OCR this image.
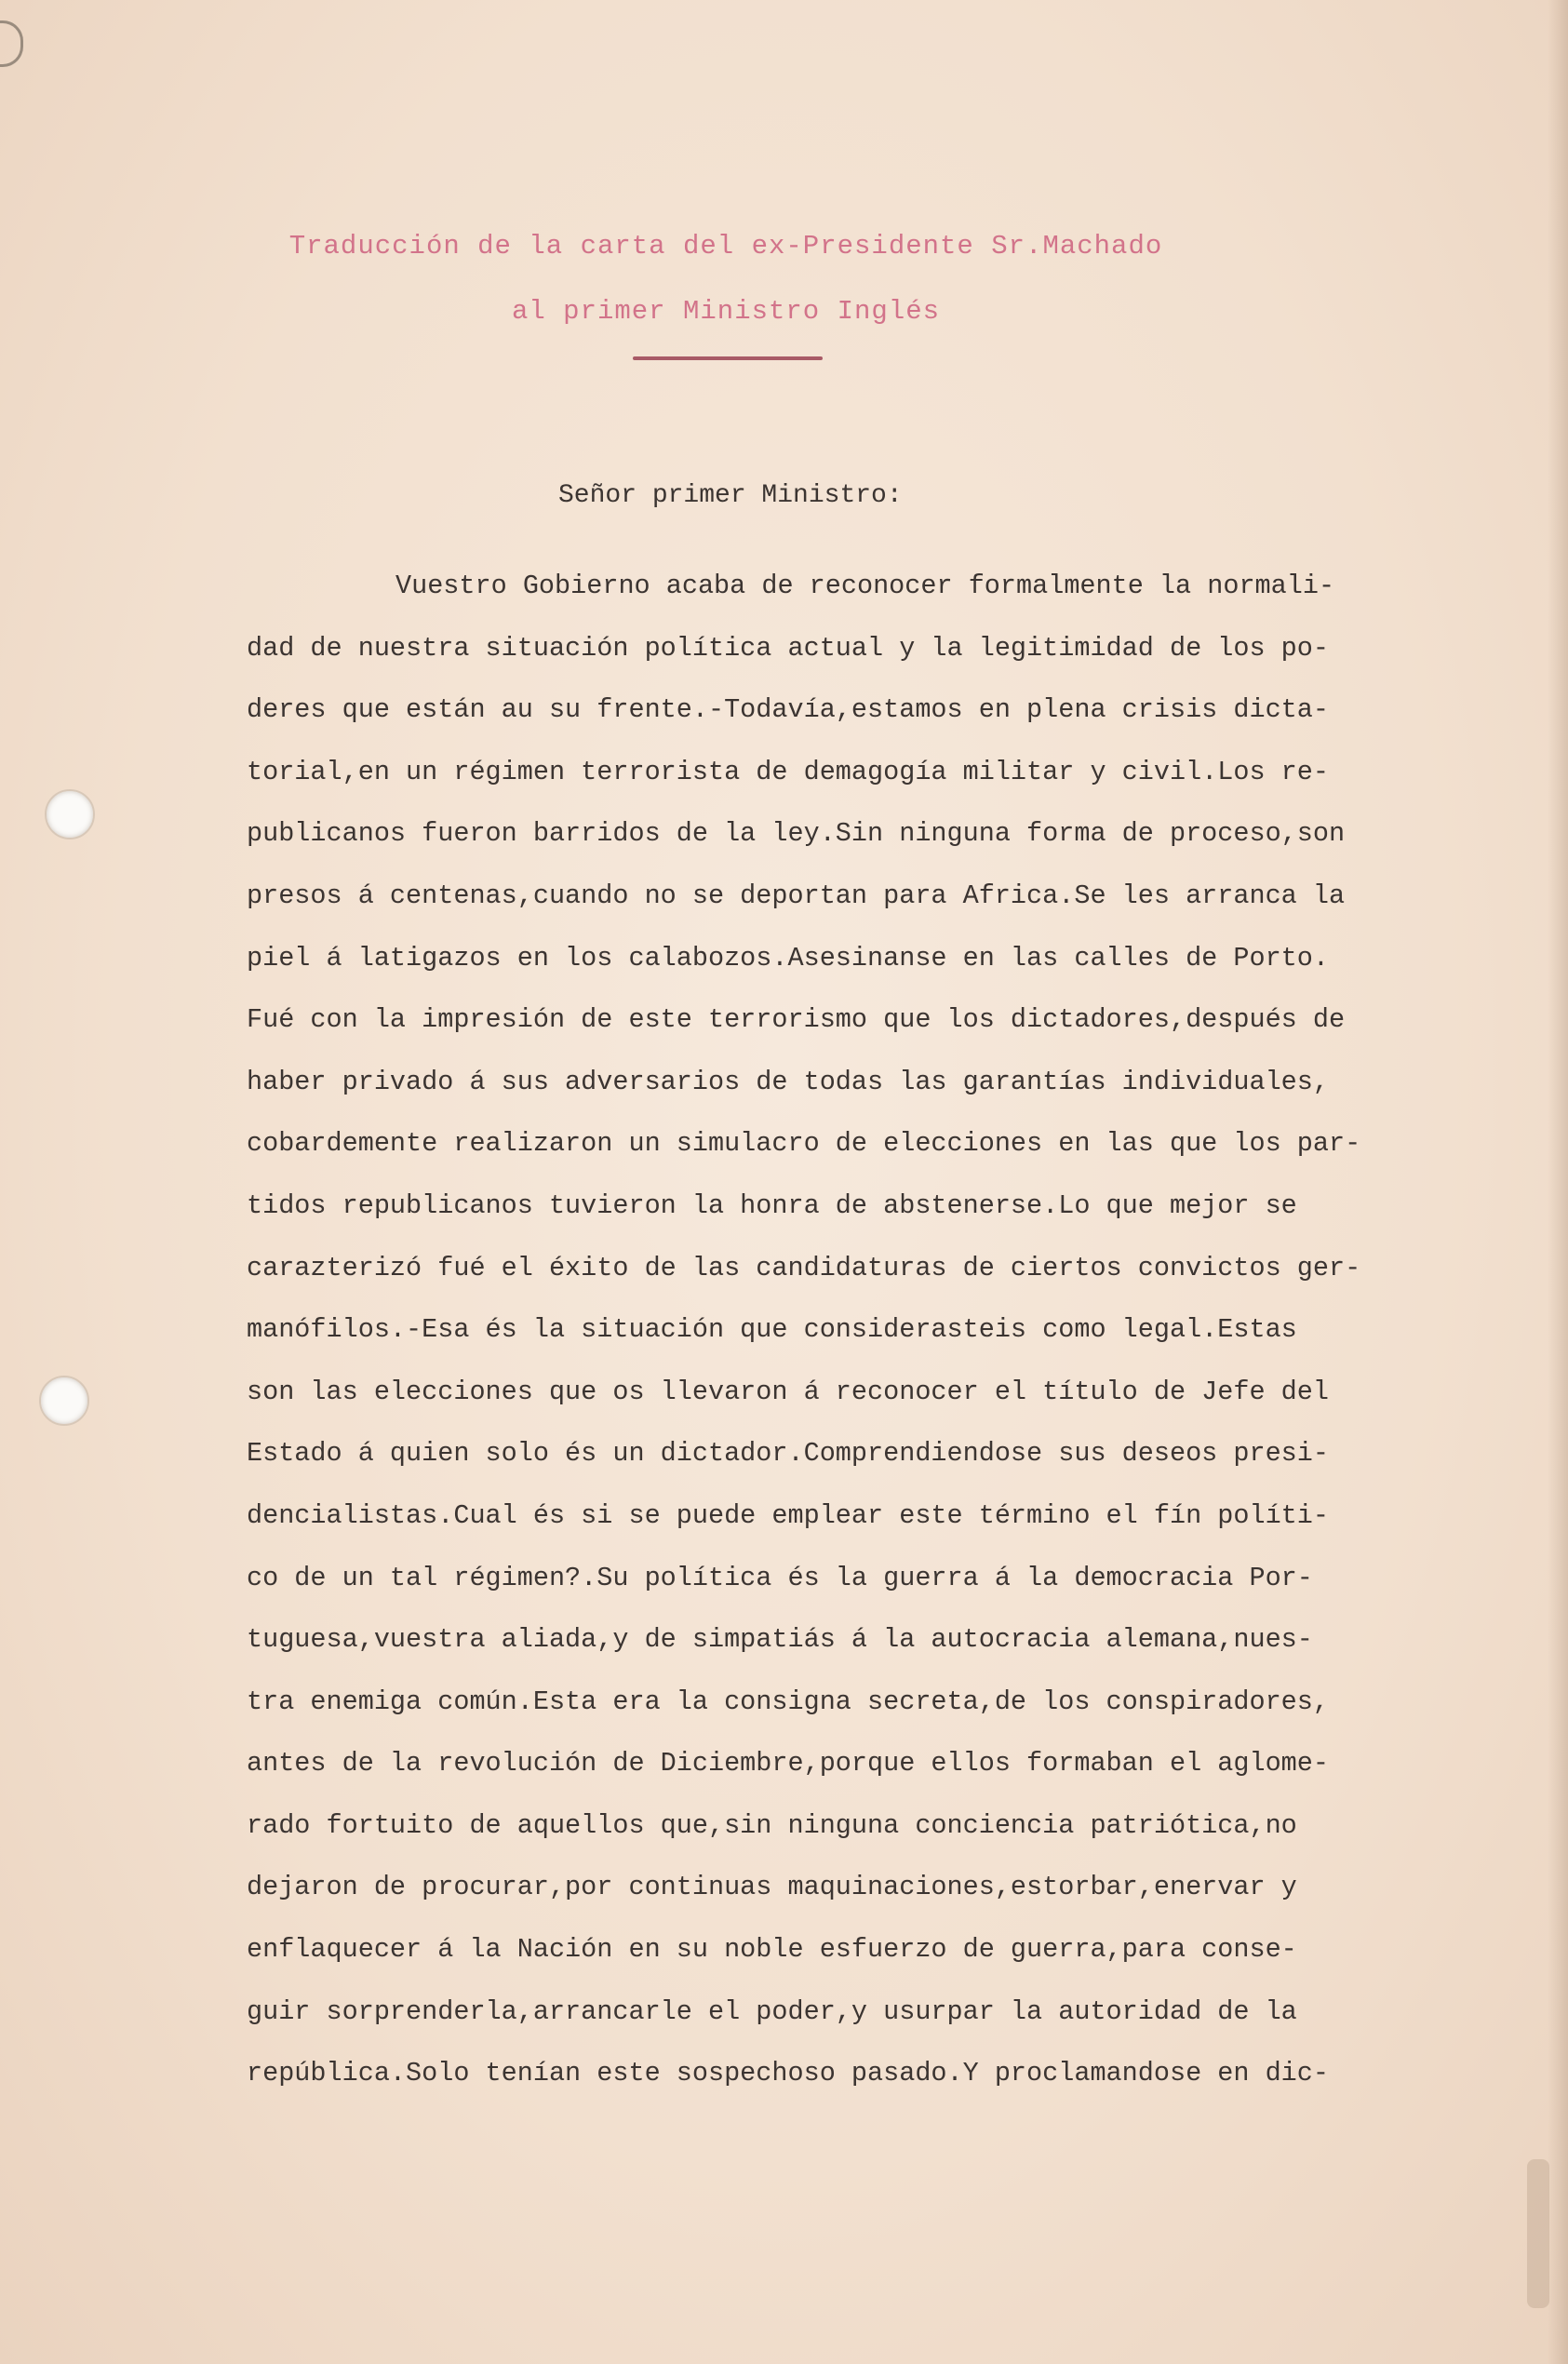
Traducción de la carta del ex-Presidente Sr.Machado
al primer Ministro Inglés
Señor primer Ministro:
Vuestro Gobierno acaba de reconocer formalmente la normali-
dad de nuestra situación política actual y la legitimidad de los po-
deres que están au su frente.-Todavía,estamos en plena crisis dicta-
torial,en un régimen terrorista de demagogía militar y civil.Los re-
publicanos fueron barridos de la ley.Sin ninguna forma de proceso,son
presos á centenas,cuando no se deportan para Africa.Se les arranca la
piel á latigazos en los calabozos.Asesinanse en las calles de Porto.
Fué con la impresión de este terrorismo que los dictadores,después de
haber privado á sus adversarios de todas las garantías individuales,
cobardemente realizaron un simulacro de elecciones en las que los par-
tidos republicanos tuvieron la honra de abstenerse.Lo que mejor se
carazterizó fué el éxito de las candidaturas de ciertos convictos ger-
manófilos.-Esa és la situación que considerasteis como legal.Estas
son las elecciones que os llevaron á reconocer el título de Jefe del
Estado á quien solo és un dictador.Comprendiendose sus deseos presi-
dencialistas.Cual és si se puede emplear este término el fín políti-
co de un tal régimen?.Su política és la guerra á la democracia Por-
tuguesa,vuestra aliada,y de simpatiás á la autocracia alemana,nues-
tra enemiga común.Esta era la consigna secreta,de los conspiradores,
antes de la revolución de Diciembre,porque ellos formaban el aglome-
rado fortuito de aquellos que,sin ninguna conciencia patriótica,no
dejaron de procurar,por continuas maquinaciones,estorbar,enervar y
enflaquecer á la Nación en su noble esfuerzo de guerra,para conse-
guir sorprenderla,arrancarle el poder,y usurpar la autoridad de la
república.Solo tenían este sospechoso pasado.Y proclamandose en dic-
